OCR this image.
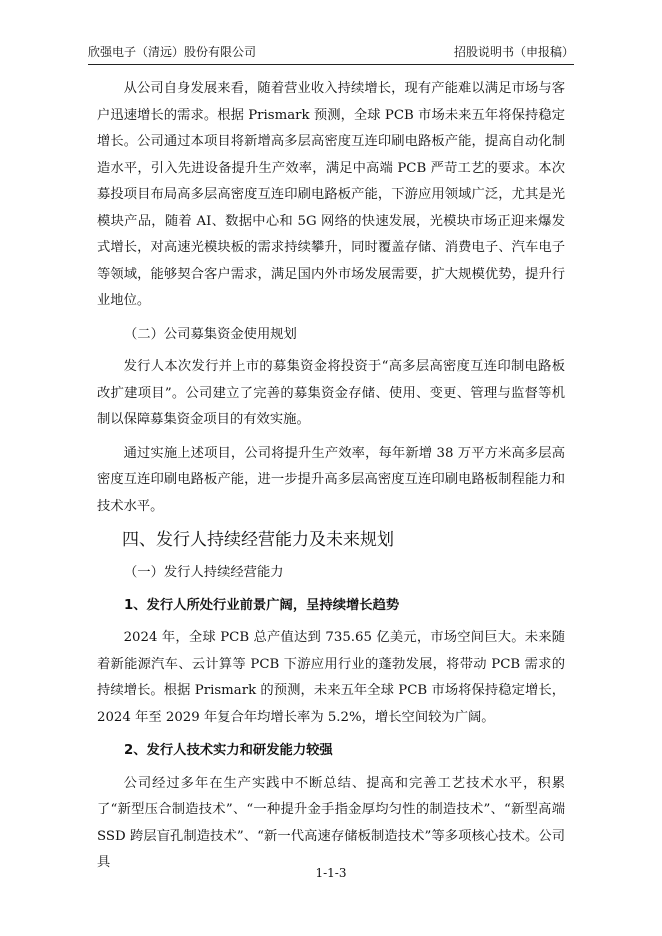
欣强电子（清远）股份有限公司	招股说明书（申报稿）

从公司自身发展来看，随着营业收入持续增长，现有产能难以满足市场与客户迅速增长的需求。根据 Prismark 预测，全球 PCB 市场未来五年将保持稳定增长。公司通过本项目将新增高多层高密度互连印刷电路板产能，提高自动化制造水平，引入先进设备提升生产效率，满足中高端 PCB 严苛工艺的要求。本次募投项目布局高多层高密度互连印刷电路板产能，下游应用领域广泛，尤其是光模块产品，随着 AI、数据中心和 5G 网络的快速发展，光模块市场正迎来爆发式增长，对高速光模块板的需求持续攀升，同时覆盖存储、消费电子、汽车电子等领域，能够契合客户需求，满足国内外市场发展需要，扩大规模优势，提升行业地位。

（二）公司募集资金使用规划

发行人本次发行并上市的募集资金将投资于“高多层高密度互连印制电路板改扩建项目”。公司建立了完善的募集资金存储、使用、变更、管理与监督等机制以保障募集资金项目的有效实施。

通过实施上述项目，公司将提升生产效率，每年新增 38 万平方米高多层高密度互连印刷电路板产能，进一步提升高多层高密度互连印刷电路板制程能力和技术水平。

四、发行人持续经营能力及未来规划
（一）发行人持续经营能力
1、发行人所处行业前景广阔，呈持续增长趋势

2024 年，全球 PCB 总产值达到 735.65 亿美元，市场空间巨大。未来随着新能源汽车、云计算等 PCB 下游应用行业的蓬勃发展，将带动 PCB 需求的持续增长。根据 Prismark 的预测，未来五年全球 PCB 市场将保持稳定增长，2024 年至 2029 年复合年均增长率为 5.2%，增长空间较为广阔。

2、发行人技术实力和研发能力较强

公司经过多年在生产实践中不断总结、提高和完善工艺技术水平，积累了“新型压合制造技术”、“一种提升金手指金厚均匀性的制造技术”、“新型高端 SSD 跨层盲孔制造技术”、“新一代高速存储板制造技术”等多项核心技术。公司具

1-1-3
